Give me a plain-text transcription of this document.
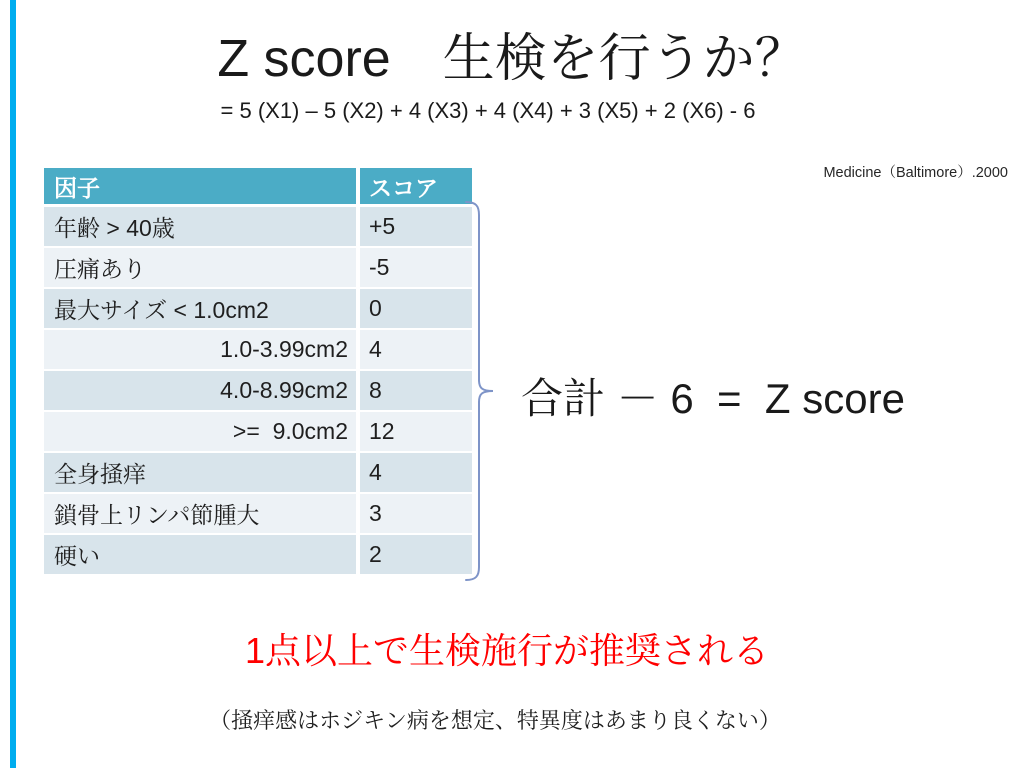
Z score　生検を行うか？
= 5 (X1) – 5 (X2) + 4 (X3) + 4 (X4) + 3 (X5) + 2 (X6) - 6
Medicine（Baltimore）.2000
因子	スコア
年齢 > 40歳	+5
圧痛あり	-5
最大サイズ < 1.0cm2	0
1.0-3.99cm2 4
4.0-8.99cm2 8
>=  9.0cm2 12
全身掻痒	4
鎖骨上リンパ節腫大	3
硬い	2
合計 － 6  =  Z score
1点以上で生検施行が推奨される
（掻痒感はホジキン病を想定、特異度はあまり良くない）
